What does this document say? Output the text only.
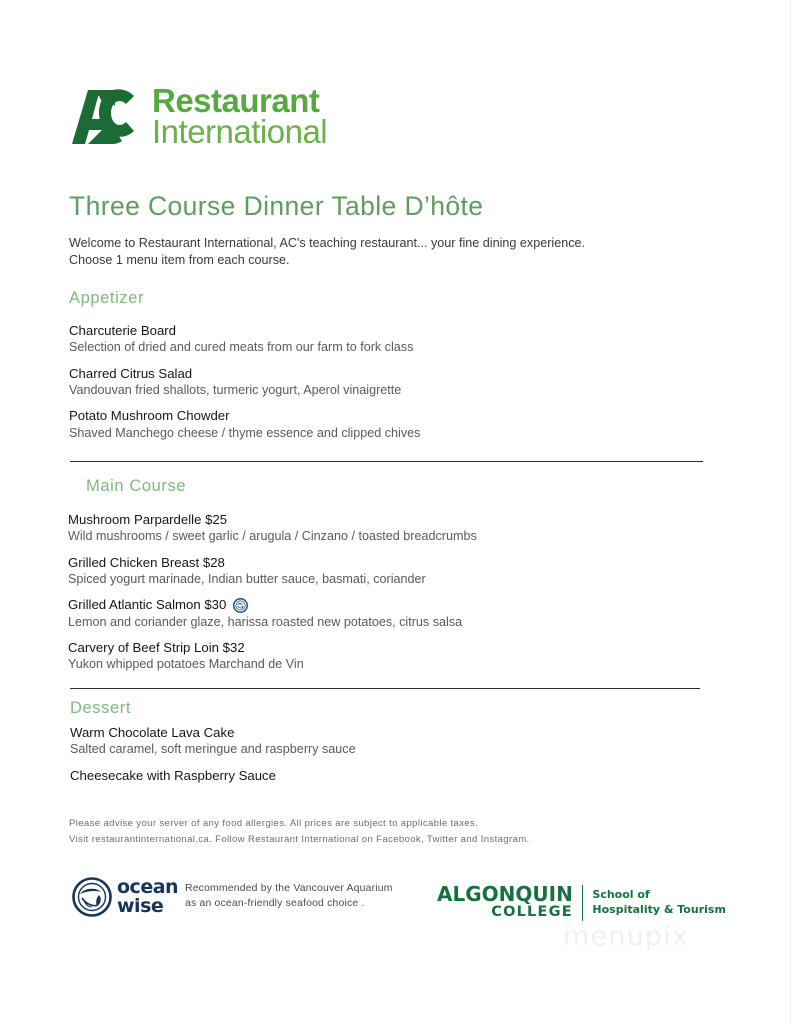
Restaurant
International
Three Course Dinner Table D’hôte
Welcome to Restaurant International, AC's teaching restaurant... your fine dining experience.
Choose 1 menu item from each course.
Appetizer
Charcuterie Board
Selection of dried and cured meats from our farm to fork class
Charred Citrus Salad
Vandouvan fried shallots, turmeric yogurt, Aperol vinaigrette
Potato Mushroom Chowder
Shaved Manchego cheese / thyme essence and clipped chives
Main Course
Mushroom Parpardelle $25
Wild mushrooms / sweet garlic / arugula / Cinzano / toasted breadcrumbs
Grilled Chicken Breast $28
Spiced yogurt marinade, Indian butter sauce, basmati, coriander
Grilled Atlantic Salmon $30
Lemon and coriander glaze, harissa roasted new potatoes, citrus salsa
Carvery of Beef Strip Loin $32
Yukon whipped potatoes Marchand de Vin
Dessert
Warm Chocolate Lava Cake
Salted caramel, soft meringue and raspberry sauce
Cheesecake with Raspberry Sauce
Please advise your server of any food allergies. All prices are subject to applicable taxes.
Visit restaurantinternational.ca. Follow Restaurant International on Facebook, Twitter and Instagram.
ocean
wise
Recommended by the Vancouver Aquarium
as an ocean-friendly seafood choice .	ALGONQUIN
COLLEGE
School of
Hospitality & Tourism
menupix
